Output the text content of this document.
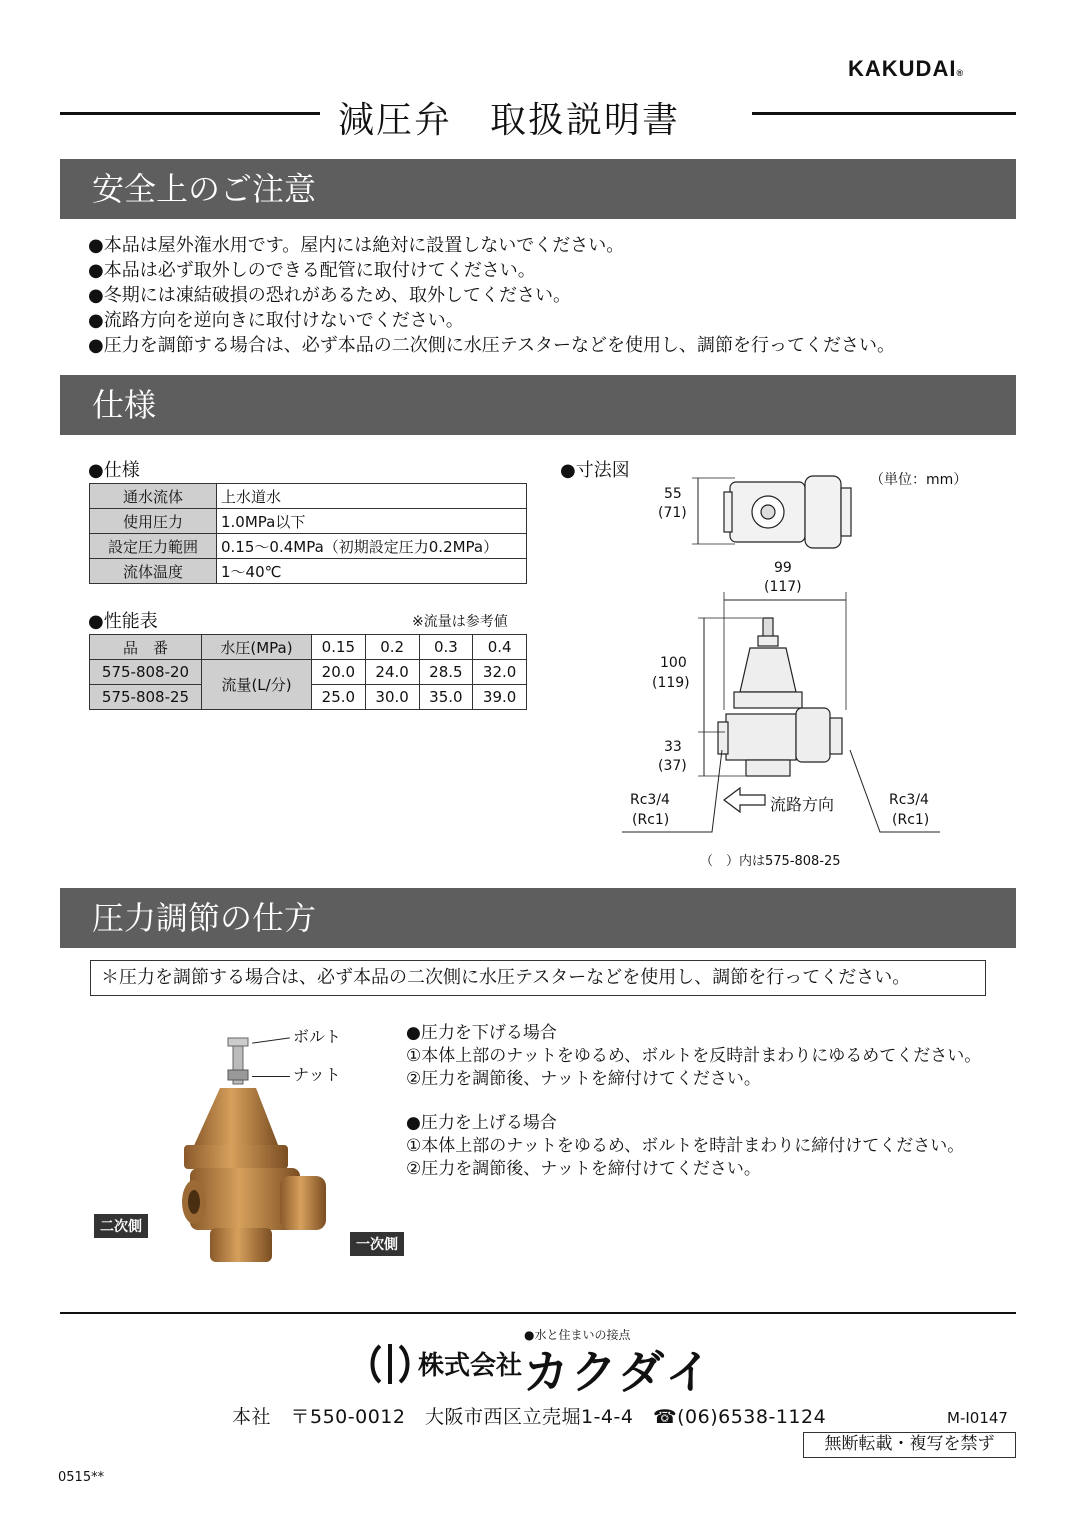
KAKUDAI®
減圧弁　取扱説明書
安全上のご注意
●本品は屋外潅水用です。屋内には絶対に設置しないでください。
●本品は必ず取外しのできる配管に取付けてください。
●冬期には凍結破損の恐れがあるため、取外してください。
●流路方向を逆向きに取付けないでください。
●圧力を調節する場合は、必ず本品の二次側に水圧テスターなどを使用し、調節を行ってください。
仕様
●仕様
通水流体	上水道水
使用圧力	1.0MPa以下
設定圧力範囲	0.15〜0.4MPa（初期設定圧力0.2MPa）
流体温度	1〜40℃
●性能表	※流量は参考値
品　番	水圧(MPa)	0.15	0.2	0.3	0.4
575-808-20	流量(L/分)	20.0	24.0	28.5	32.0
575-808-25		25.0	30.0	35.0	39.0
●寸法図	（単位：mm）
55
(71)
99
(117)
100
(119)
33
(37)
Rc3/4
(Rc1)
流路方向	Rc3/4
(Rc1)
（　）内は575-808-25
圧力調節の仕方
＊圧力を調節する場合は、必ず本品の二次側に水圧テスターなどを使用し、調節を行ってください。
ボルト
ナット
二次側
一次側
●圧力を下げる場合
①本体上部のナットをゆるめ、ボルトを反時計まわりにゆるめてください。
②圧力を調節後、ナットを締付けてください。
●圧力を上げる場合
①本体上部のナットをゆるめ、ボルトを時計まわりに締付けてください。
②圧力を調節後、ナットを締付けてください。
●水と住まいの接点
株式会社 カクダイ
本社　〒550-0012　大阪市西区立売堀1-4-4　☎(06)6538-1124	M-I0147
無断転載・複写を禁ず
0515**
